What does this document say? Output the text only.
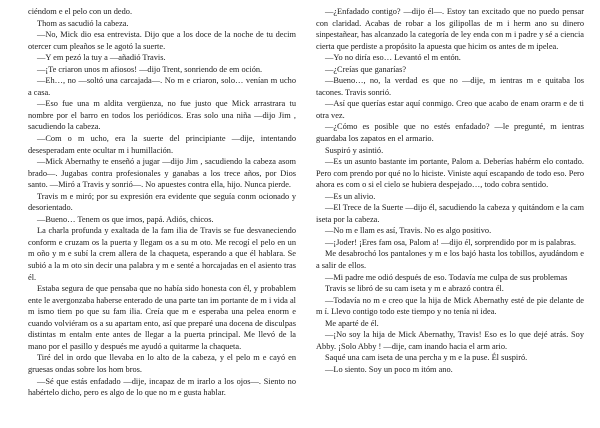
ciéndom e el pelo con un dedo.

Thom as sacudió la cabeza.

—No, Mick dio esa entrevista. Dijo que a los doce de la noche de tu decim otercer cum pleaños se le agotó la suerte.

—Y em pezó la tuy a —añadió Travis.

—¡Te criaron unos m afiosos! —dijo Trent, sonriendo de em oción.

—Eh…, no —soltó una carcajada—. No m e criaron, solo… venían m ucho a casa.

—Eso fue una m aldita vergüenza, no fue justo que Mick arrastrara tu nombre por el barro en todos los periódicos. Eras solo una niña —dijo Jim , sacudiendo la cabeza.

—Com o m ucho, era la suerte del principiante —dije, intentando desesperadam ente ocultar m i humillación.

—Mick Abernathy te enseñó a jugar —dijo Jim , sacudiendo la cabeza asom brado—. Jugabas contra profesionales y ganabas a los trece años, por Dios santo. —Miró a Travis y sonrió—. No apuestes contra ella, hijo. Nunca pierde.

Travis m e miró; por su expresión era evidente que seguía conm ocionado y desorientado.

—Bueno… Tenem os que irnos, papá. Adiós, chicos.

La charla profunda y exaltada de la fam ilia de Travis se fue desvaneciendo conform e cruzam os la puerta y llegam os a su m oto. Me recogí el pelo en un m oño y m e subí la crem allera de la chaqueta, esperando a que él hablara. Se subió a la m oto sin decir una palabra y m e senté a horcajadas en el asiento tras él.

Estaba segura de que pensaba que no había sido honesta con él, y probablem ente le avergonzaba haberse enterado de una parte tan im portante de m i vida al m ismo tiem po que su fam ilia. Creía que m e esperaba una pelea enorm e cuando volviéram os a su apartam ento, así que preparé una docena de disculpas distintas m entalm ente antes de llegar a la puerta principal. Me llevó de la mano por el pasillo y después me ayudó a quitarme la chaqueta.

Tiré del in ordo que llevaba en lo alto de la cabeza, y el pelo m e cayó en gruesas ondas sobre los hom bros.

—Sé que estás enfadado —dije, incapaz de m irarlo a los ojos—. Siento no habértelo dicho, pero es algo de lo que no m e gusta hablar.

—¿Enfadado contigo? —dijo él—. Estoy tan excitado que no puedo pensar con claridad. Acabas de robar a los gilipollas de m i herm ano su dinero sinpestañear, has alcanzado la categoría de ley enda con m i padre y sé a ciencia cierta que perdiste a propósito la apuesta que hicim os antes de m ipelea.

—Yo no diría eso… Levantó el m entón.

—¿Creías que ganarías?

—Bueno…, no, la verdad es que no —dije, m ientras m e quitaba los tacones. Travis sonrió.

—Así que querías estar aquí conmigo. Creo que acabo de enam orarm e de ti otra vez.

—¿Cómo es posible que no estés enfadado? —le pregunté, m ientras guardaba los zapatos en el armario.

Suspiró y asintió.

—Es un asunto bastante im portante, Palom a. Deberías habérm elo contado. Pero com prendo por qué no lo hiciste. Viniste aquí escapando de todo eso. Pero ahora es com o si el cielo se hubiera despejado…, todo cobra sentido.

—Es un alivio.

—El Trece de la Suerte —dijo él, sacudiendo la cabeza y quitándom e la cam iseta por la cabeza.

—No m e llam es así, Travis. No es algo positivo.

—¡Joder! ¡Eres fam osa, Palom a! —dijo él, sorprendido por m is palabras.

Me desabrochó los pantalones y m e los bajó hasta los tobillos, ayudándom e a salir de ellos.

—Mi padre me odió después de eso. Todavía me culpa de sus problemas

Travis se libró de su cam iseta y m e abrazó contra él.

—Todavía no m e creo que la hija de Mick Abernathy esté de pie delante de m í. Llevo contigo todo este tiempo y no tenía ni idea.

Me aparté de él.

—¡No soy la hija de Mick Abernathy, Travis! Eso es lo que dejé atrás. Soy Abby. ¡Solo Abby ! —dije, cam inando hacia el arm ario.

Saqué una cam iseta de una percha y m e la puse. Él suspiró.

—Lo siento. Soy un poco m itóm ano.
